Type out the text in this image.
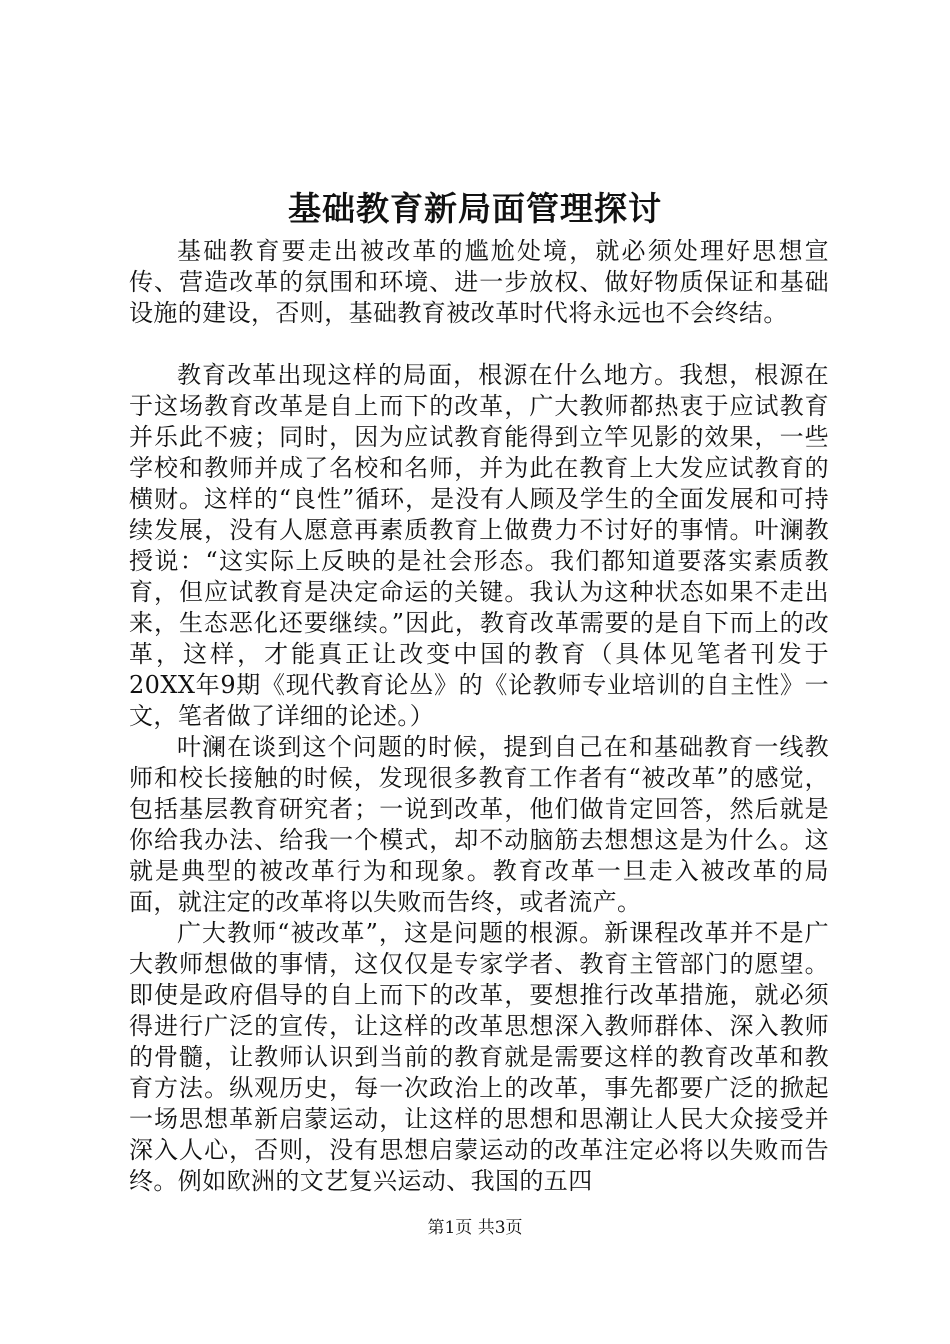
基础教育新局面管理探讨

基础教育要走出被改革的尴尬处境，就必须处理好思想宣传、营造改革的氛围和环境、进一步放权、做好物质保证和基础设施的建设，否则，基础教育被改革时代将永远也不会终结。

教育改革出现这样的局面，根源在什么地方。我想，根源在于这场教育改革是自上而下的改革，广大教师都热衷于应试教育并乐此不疲；同时，因为应试教育能得到立竿见影的效果，一些学校和教师并成了名校和名师，并为此在教育上大发应试教育的横财。这样的“良性”循环，是没有人顾及学生的全面发展和可持续发展，没有人愿意再素质教育上做费力不讨好的事情。叶澜教授说：“这实际上反映的是社会形态。我们都知道要落实素质教育，但应试教育是决定命运的关键。我认为这种状态如果不走出来，生态恶化还要继续。”因此，教育改革需要的是自下而上的改革，这样，才能真正让改变中国的教育（具体见笔者刊发于20XX年9期《现代教育论丛》的《论教师专业培训的自主性》一文，笔者做了详细的论述。）

叶澜在谈到这个问题的时候，提到自己在和基础教育一线教师和校长接触的时候，发现很多教育工作者有“被改革”的感觉，包括基层教育研究者；一说到改革，他们做肯定回答，然后就是你给我办法、给我一个模式，却不动脑筋去想想这是为什么。这就是典型的被改革行为和现象。教育改革一旦走入被改革的局面，就注定的改革将以失败而告终，或者流产。

广大教师“被改革”，这是问题的根源。新课程改革并不是广大教师想做的事情，这仅仅是专家学者、教育主管部门的愿望。即使是政府倡导的自上而下的改革，要想推行改革措施，就必须得进行广泛的宣传，让这样的改革思想深入教师群体、深入教师的骨髓，让教师认识到当前的教育就是需要这样的教育改革和教育方法。纵观历史，每一次政治上的改革，事先都要广泛的掀起一场思想革新启蒙运动，让这样的思想和思潮让人民大众接受并深入人心，否则，没有思想启蒙运动的改革注定必将以失败而告终。例如欧洲的文艺复兴运动、我国的五四

第1页 共3页
